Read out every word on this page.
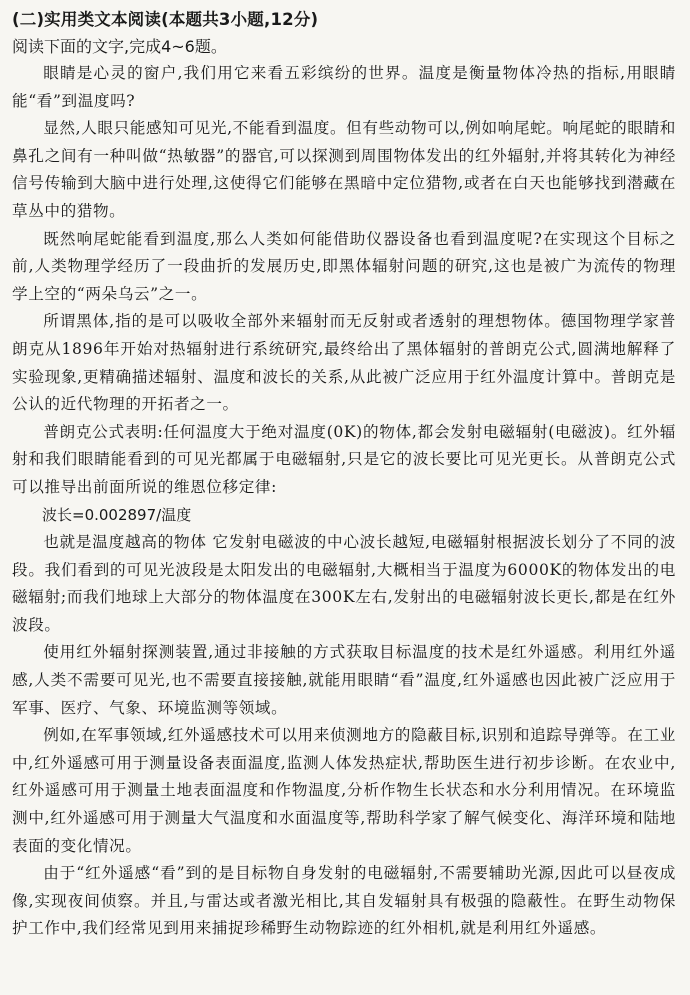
(二)实用类文本阅读(本题共3小题,12分)
阅读下面的文字,完成4~6题。

眼睛是心灵的窗户,我们用它来看五彩缤纷的世界。温度是衡量物体冷热的指标,用眼睛能“看”到温度吗?

显然,人眼只能感知可见光,不能看到温度。但有些动物可以,例如响尾蛇。响尾蛇的眼睛和鼻孔之间有一种叫做“热敏器”的器官,可以探测到周围物体发出的红外辐射,并将其转化为神经信号传输到大脑中进行处理,这使得它们能够在黑暗中定位猎物,或者在白天也能够找到潜藏在草丛中的猎物。

既然响尾蛇能看到温度,那么人类如何能借助仪器设备也看到温度呢?在实现这个目标之前,人类物理学经历了一段曲折的发展历史,即黑体辐射问题的研究,这也是被广为流传的物理学上空的“两朵乌云”之一。

所谓黑体,指的是可以吸收全部外来辐射而无反射或者透射的理想物体。德国物理学家普朗克从1896年开始对热辐射进行系统研究,最终给出了黑体辐射的普朗克公式,圆满地解释了实验现象,更精确描述辐射、温度和波长的关系,从此被广泛应用于红外温度计算中。普朗克是公认的近代物理的开拓者之一。

普朗克公式表明:任何温度大于绝对温度(0K)的物体,都会发射电磁辐射(电磁波)。红外辐射和我们眼睛能看到的可见光都属于电磁辐射,只是它的波长要比可见光更长。从普朗克公式可以推导出前面所说的维恩位移定律:

波长=0.002897/温度

也就是温度越高的物体 它发射电磁波的中心波长越短,电磁辐射根据波长划分了不同的波段。我们看到的可见光波段是太阳发出的电磁辐射,大概相当于温度为6000K的物体发出的电磁辐射;而我们地球上大部分的物体温度在300K左右,发射出的电磁辐射波长更长,都是在红外波段。

使用红外辐射探测装置,通过非接触的方式获取目标温度的技术是红外遥感。利用红外遥感,人类不需要可见光,也不需要直接接触,就能用眼睛“看”温度,红外遥感也因此被广泛应用于军事、医疗、气象、环境监测等领域。

例如,在军事领域,红外遥感技术可以用来侦测地方的隐蔽目标,识别和追踪导弹等。在工业中,红外遥感可用于测量设备表面温度,监测人体发热症状,帮助医生进行初步诊断。在农业中,红外遥感可用于测量土地表面温度和作物温度,分析作物生长状态和水分利用情况。在环境监测中,红外遥感可用于测量大气温度和水面温度等,帮助科学家了解气候变化、海洋环境和陆地表面的变化情况。

由于“红外遥感“看”到的是目标物自身发射的电磁辐射,不需要辅助光源,因此可以昼夜成像,实现夜间侦察。并且,与雷达或者激光相比,其自发辐射具有极强的隐蔽性。在野生动物保护工作中,我们经常见到用来捕捉珍稀野生动物踪迹的红外相机,就是利用红外遥感。
